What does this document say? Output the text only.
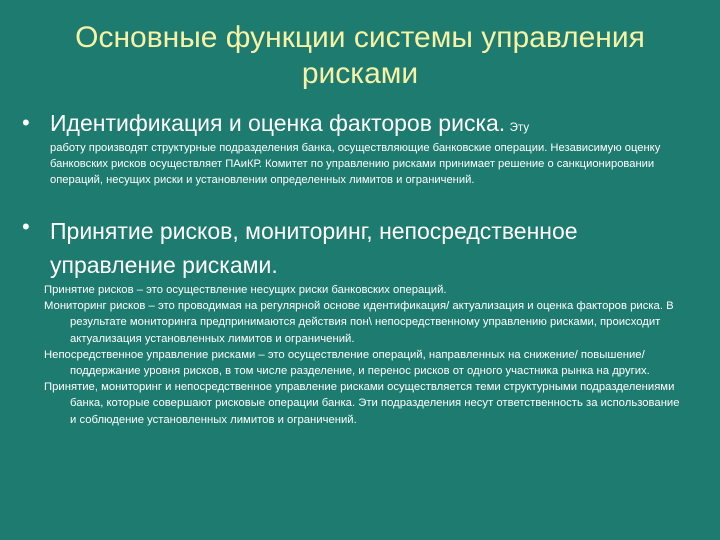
Основные функции системы управления рисками
• Идентификация и оценка факторов риска. Эту
работу производят структурные подразделения банка, осуществляющие банковские операции. Независимую оценку банковских рисков осуществляет ПАиКР. Комитет по управлению рисками принимает решение о санкционировании операций, несущих риски и установлении определенных лимитов и ограничений.
• Принятие рисков, мониторинг, непосредственное управление рисками.

Принятие рисков – это осуществление несущих риски банковских операций.

Мониторинг рисков – это проводимая на регулярной основе идентификация/ актуализация и оценка факторов риска. В результате мониторинга предпринимаются действия пон\ непосредственному управлению рисками, происходит актуализация установленных лимитов и ограничений.

Непосредственное управление рисками – это осуществление операций, направленных на снижение/ повышение/ поддержание уровня рисков, в том числе разделение, и перенос рисков от одного участника рынка на других.

Принятие, мониторинг и непосредственное управление рисками осуществляется теми структурными подразделениями банка, которые совершают рисковые операции банка. Эти подразделения несут ответственность за использование и соблюдение установленных лимитов и ограничений.
